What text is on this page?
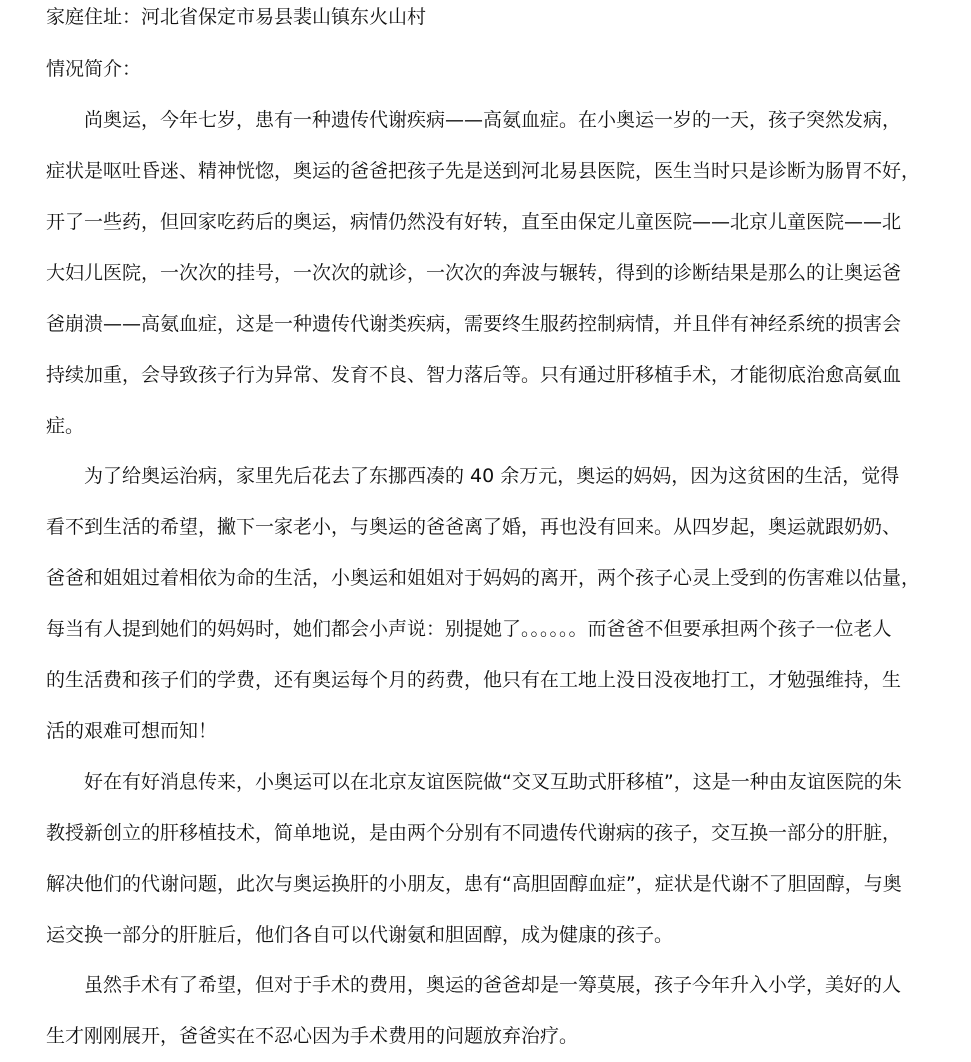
家庭住址：河北省保定市易县裴山镇东火山村
情况简介：
尚奥运，今年七岁，患有一种遗传代谢疾病——高氨血症。在小奥运一岁的一天，孩子突然发病，
症状是呕吐昏迷、精神恍惚，奥运的爸爸把孩子先是送到河北易县医院，医生当时只是诊断为肠胃不好，
开了一些药，但回家吃药后的奥运，病情仍然没有好转，直至由保定儿童医院——北京儿童医院——北
大妇儿医院，一次次的挂号，一次次的就诊，一次次的奔波与辗转，得到的诊断结果是那么的让奥运爸
爸崩溃——高氨血症，这是一种遗传代谢类疾病，需要终生服药控制病情，并且伴有神经系统的损害会
持续加重，会导致孩子行为异常、发育不良、智力落后等。只有通过肝移植手术，才能彻底治愈高氨血
症。
为了给奥运治病，家里先后花去了东挪西凑的 40 余万元，奥运的妈妈，因为这贫困的生活，觉得
看不到生活的希望，撇下一家老小，与奥运的爸爸离了婚，再也没有回来。从四岁起，奥运就跟奶奶、
爸爸和姐姐过着相依为命的生活，小奥运和姐姐对于妈妈的离开，两个孩子心灵上受到的伤害难以估量，
每当有人提到她们的妈妈时，她们都会小声说：别提她了。。。。。。而爸爸不但要承担两个孩子一位老人
的生活费和孩子们的学费，还有奥运每个月的药费，他只有在工地上没日没夜地打工，才勉强维持，生
活的艰难可想而知！
好在有好消息传来，小奥运可以在北京友谊医院做“交叉互助式肝移植”，这是一种由友谊医院的朱
教授新创立的肝移植技术，简单地说，是由两个分别有不同遗传代谢病的孩子，交互换一部分的肝脏，
解决他们的代谢问题，此次与奥运换肝的小朋友，患有“高胆固醇血症”，症状是代谢不了胆固醇，与奥
运交换一部分的肝脏后，他们各自可以代谢氨和胆固醇，成为健康的孩子。
虽然手术有了希望，但对于手术的费用，奥运的爸爸却是一筹莫展，孩子今年升入小学，美好的人
生才刚刚展开，爸爸实在不忍心因为手术费用的问题放弃治疗。
